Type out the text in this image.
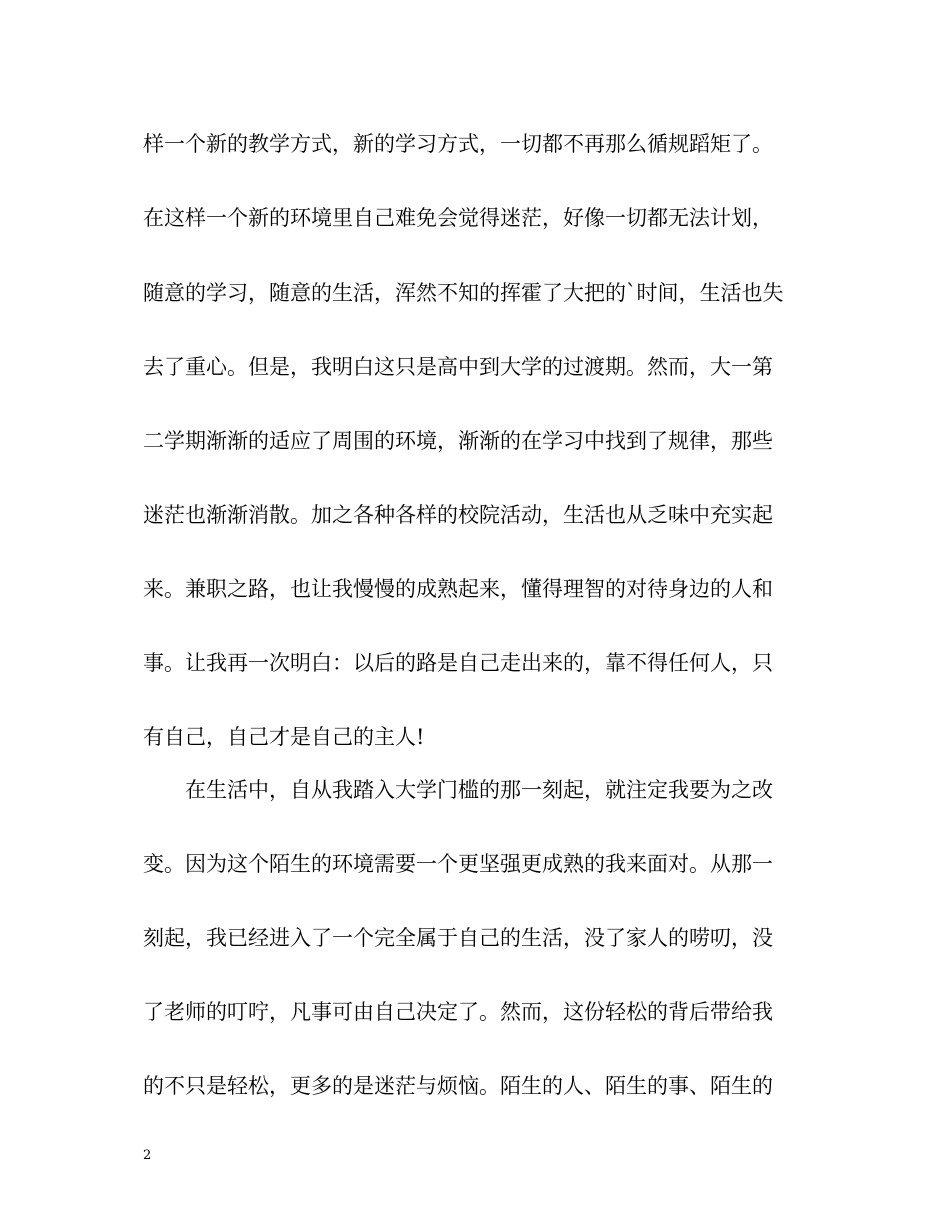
样一个新的教学方式，新的学习方式，一切都不再那么循规蹈矩了。
在这样一个新的环境里自己难免会觉得迷茫，好像一切都无法计划，
随意的学习，随意的生活，浑然不知的挥霍了大把的`时间，生活也失
去了重心。但是，我明白这只是高中到大学的过渡期。然而，大一第
二学期渐渐的适应了周围的环境，渐渐的在学习中找到了规律，那些
迷茫也渐渐消散。加之各种各样的校院活动，生活也从乏味中充实起
来。兼职之路，也让我慢慢的成熟起来，懂得理智的对待身边的人和
事。让我再一次明白：以后的路是自己走出来的，靠不得任何人，只
有自己，自己才是自己的主人!
在生活中，自从我踏入大学门槛的那一刻起，就注定我要为之改
变。因为这个陌生的环境需要一个更坚强更成熟的我来面对。从那一
刻起，我已经进入了一个完全属于自己的生活，没了家人的唠叨，没
了老师的叮咛，凡事可由自己决定了。然而，这份轻松的背后带给我
的不只是轻松，更多的是迷茫与烦恼。陌生的人、陌生的事、陌生的
2
